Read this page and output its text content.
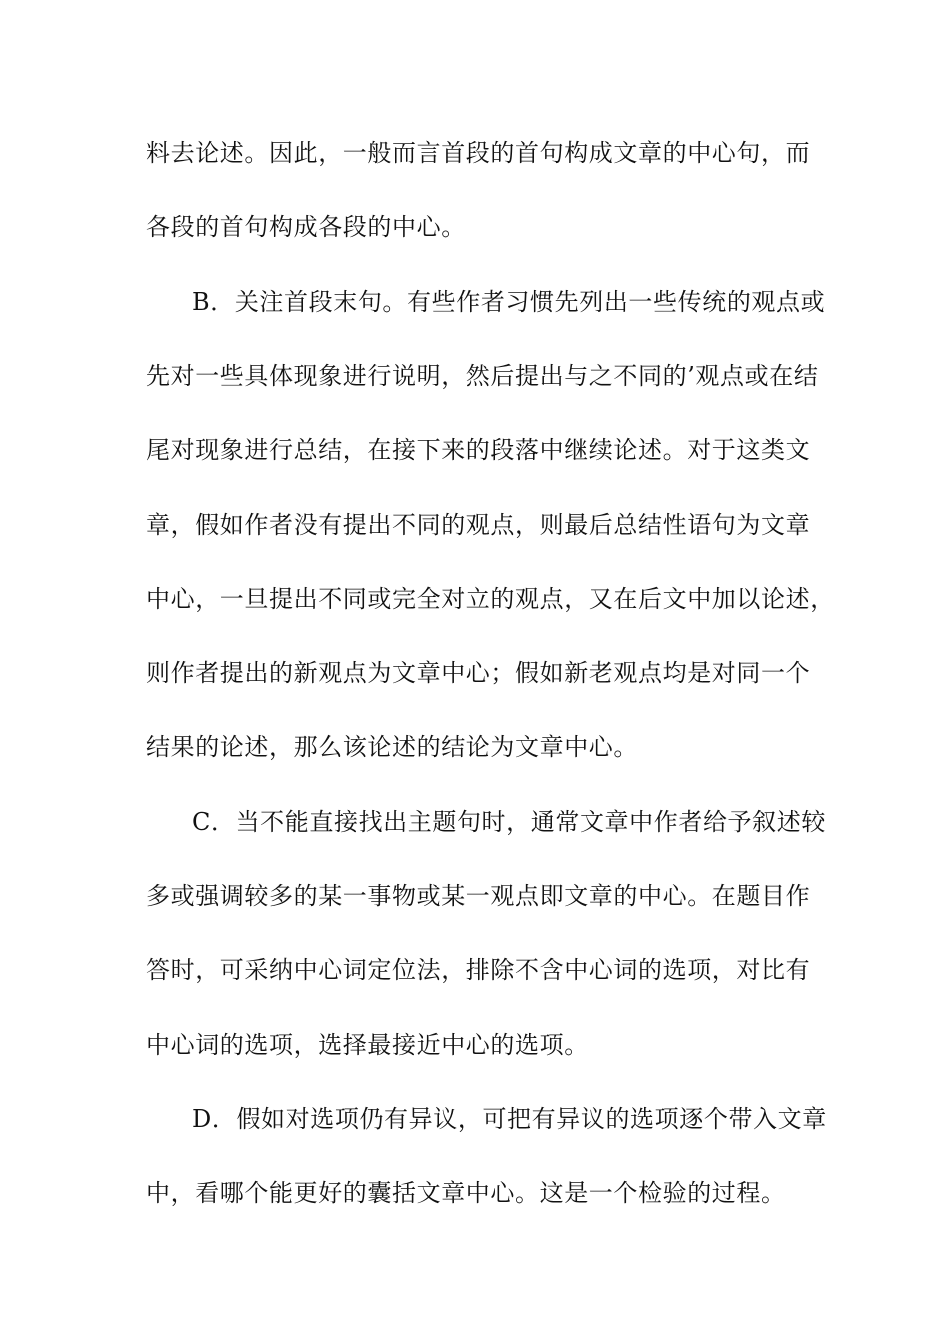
料去论述。因此，一般而言首段的首句构成文章的中心句，而
各段的首句构成各段的中心。
B．关注首段末句。有些作者习惯先列出一些传统的观点或
先对一些具体现象进行说明，然后提出与之不同的’观点或在结
尾对现象进行总结，在接下来的段落中继续论述。对于这类文
章，假如作者没有提出不同的观点，则最后总结性语句为文章
中心，一旦提出不同或完全对立的观点，又在后文中加以论述，
则作者提出的新观点为文章中心；假如新老观点均是对同一个
结果的论述，那么该论述的结论为文章中心。
C．当不能直接找出主题句时，通常文章中作者给予叙述较
多或强调较多的某一事物或某一观点即文章的中心。在题目作
答时，可采纳中心词定位法，排除不含中心词的选项，对比有
中心词的选项，选择最接近中心的选项。
D．假如对选项仍有异议，可把有异议的选项逐个带入文章
中，看哪个能更好的囊括文章中心。这是一个检验的过程。
